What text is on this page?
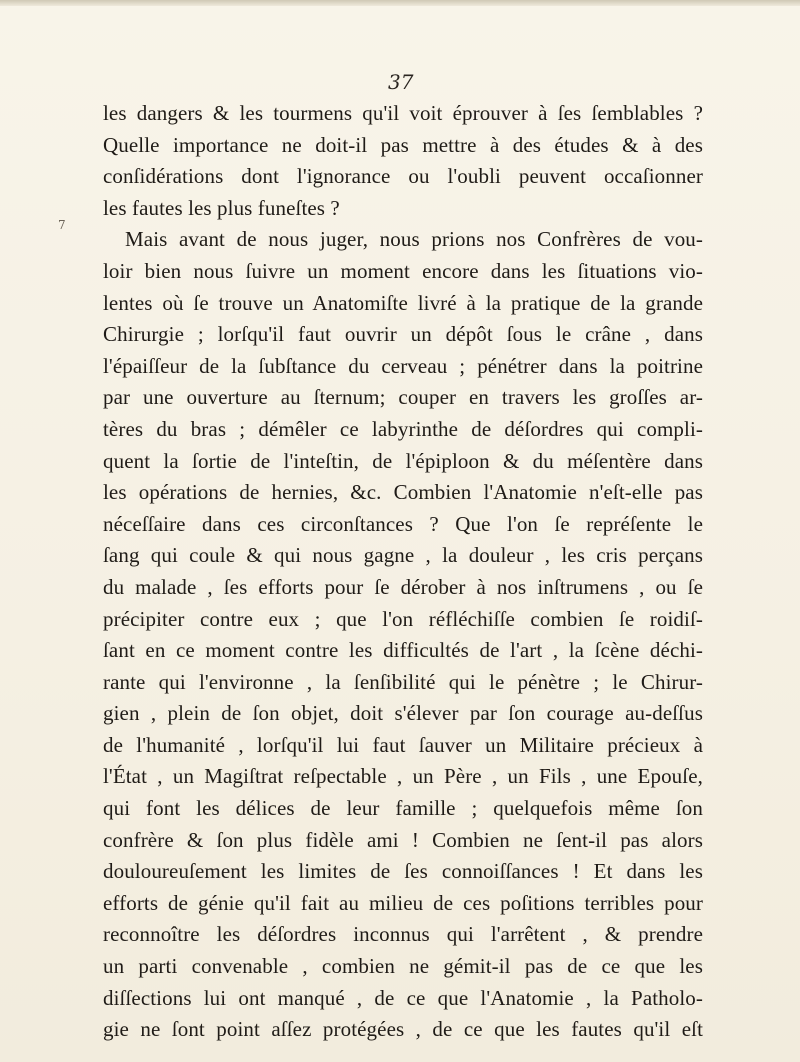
37
7
les dangers & les tourmens qu'il voit éprouver à ſes ſemblables ?
Quelle importance ne doit-il pas mettre à des études & à des
conſidérations dont l'ignorance ou l'oubli peuvent occaſionner
les fautes les plus funeſtes ?
Mais avant de nous juger, nous prions nos Confrères de vou-
loir bien nous ſuivre un moment encore dans les ſituations vio-
lentes où ſe trouve un Anatomiſte livré à la pratique de la grande
Chirurgie ; lorſqu'il faut ouvrir un dépôt ſous le crâne , dans
l'épaiſſeur de la ſubſtance du cerveau ; pénétrer dans la poitrine
par une ouverture au ſternum; couper en travers les groſſes ar-
tères du bras ; démêler ce labyrinthe de déſordres qui compli-
quent la ſortie de l'inteſtin, de l'épiploon & du méſentère dans
les opérations de hernies, &c. Combien l'Anatomie n'eſt-elle pas
néceſſaire dans ces circonſtances ? Que l'on ſe repréſente le
ſang qui coule & qui nous gagne , la douleur , les cris perçans
du malade , ſes efforts pour ſe dérober à nos inſtrumens , ou ſe
précipiter contre eux ; que l'on réfléchiſſe combien ſe roidiſ-
ſant en ce moment contre les difficultés de l'art , la ſcène déchi-
rante qui l'environne , la ſenſibilité qui le pénètre ; le Chirur-
gien , plein de ſon objet, doit s'élever par ſon courage au-deſſus
de l'humanité , lorſqu'il lui faut ſauver un Militaire précieux à
l'État , un Magiſtrat reſpectable , un Père , un Fils , une Epouſe,
qui font les délices de leur famille ; quelquefois même ſon
confrère & ſon plus fidèle ami ! Combien ne ſent-il pas alors
douloureuſement les limites de ſes connoiſſances ! Et dans les
efforts de génie qu'il fait au milieu de ces poſitions terribles pour
reconnoître les déſordres inconnus qui l'arrêtent , & prendre
un parti convenable , combien ne gémit-il pas de ce que les
diſſections lui ont manqué , de ce que l'Anatomie , la Patholo-
gie ne ſont point aſſez protégées , de ce que les fautes qu'il eſt
